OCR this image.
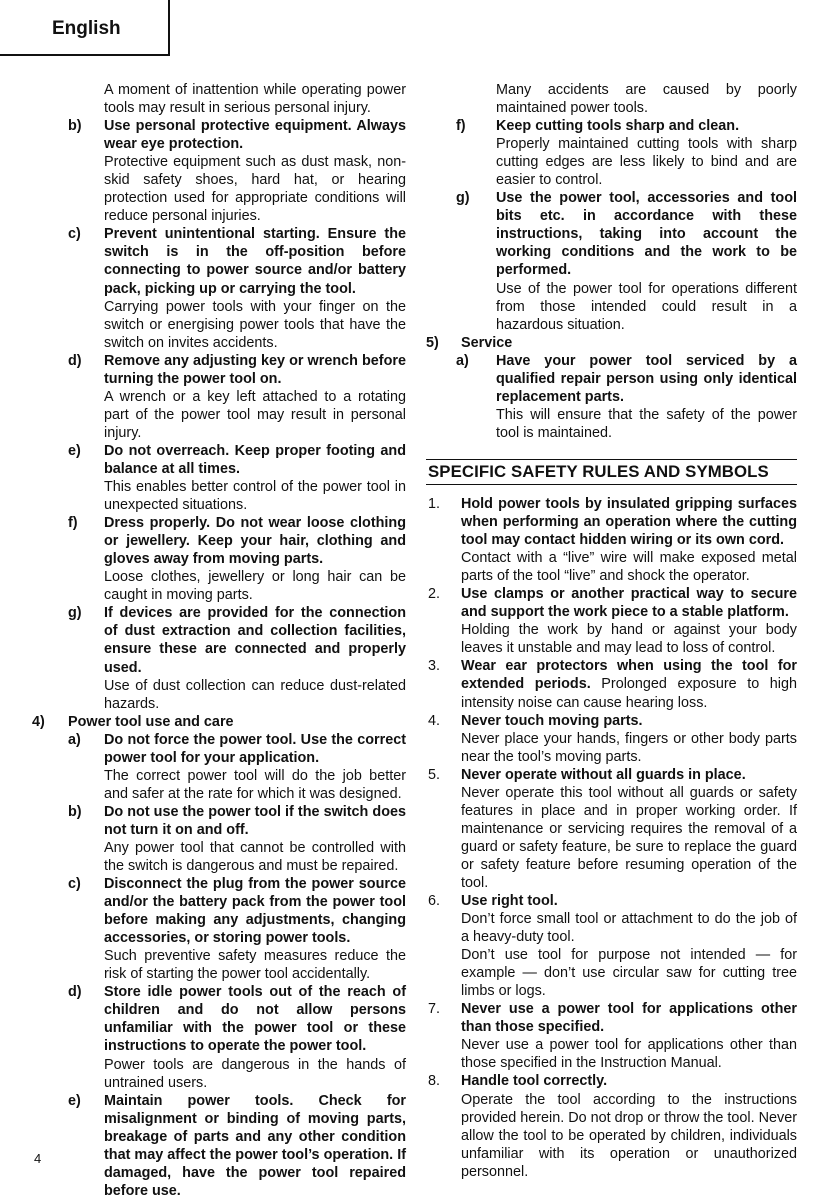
English
A moment of inattention while operating power tools may result in serious personal injury.
b) Use personal protective equipment. Always wear eye protection.
Protective equipment such as dust mask, non-skid safety shoes, hard hat, or hearing protection used for appropriate conditions will reduce personal injuries.
c) Prevent unintentional starting. Ensure the switch is in the off-position before connecting to power source and/or battery pack, picking up or carrying the tool.
Carrying power tools with your finger on the switch or energising power tools that have the switch on invites accidents.
d) Remove any adjusting key or wrench before turning the power tool on.
A wrench or a key left attached to a rotating part of the power tool may result in personal injury.
e) Do not overreach. Keep proper footing and balance at all times.
This enables better control of the power tool in unexpected situations.
f) Dress properly. Do not wear loose clothing or jewellery. Keep your hair, clothing and gloves away from moving parts.
Loose clothes, jewellery or long hair can be caught in moving parts.
g) If devices are provided for the connection of dust extraction and collection facilities, ensure these are connected and properly used.
Use of dust collection can reduce dust-related hazards.
4)	Power tool use and care
a) Do not force the power tool. Use the correct power tool for your application.
The correct power tool will do the job better and safer at the rate for which it was designed.
b) Do not use the power tool if the switch does not turn it on and off.
Any power tool that cannot be controlled with the switch is dangerous and must be repaired.
c) Disconnect the plug from the power source and/or the battery pack from the power tool before making any adjustments, changing accessories, or storing power tools.
Such preventive safety measures reduce the risk of starting the power tool accidentally.
d) Store idle power tools out of the reach of children and do not allow persons unfamiliar with the power tool or these instructions to operate the power tool.
Power tools are dangerous in the hands of untrained users.
e) Maintain power tools. Check for misalignment or binding of moving parts, breakage of parts and any other condition that may affect the power tool’s operation. If damaged, have the power tool repaired before use.
Many accidents are caused by poorly maintained power tools.
f) Keep cutting tools sharp and clean.
Properly maintained cutting tools with sharp cutting edges are less likely to bind and are easier to control.
g) Use the power tool, accessories and tool bits etc. in accordance with these instructions, taking into account the working conditions and the work to be performed.
Use of the power tool for operations different from those intended could result in a hazardous situation.
5)	Service
a) Have your power tool serviced by a qualified repair person using only identical replacement parts.
This will ensure that the safety of the power tool is maintained.
SPECIFIC SAFETY RULES AND SYMBOLS
1. Hold power tools by insulated gripping surfaces when performing an operation where the cutting tool may contact hidden wiring or its own cord.
Contact with a “live” wire will make exposed metal parts of the tool “live” and shock the operator.
2. Use clamps or another practical way to secure and support the work piece to a stable platform.
Holding the work by hand or against your body leaves it unstable and may lead to loss of control.
3.	Wear ear protectors when using the tool for extended periods. Prolonged exposure to high intensity noise can cause hearing loss.
4. Never touch moving parts.
Never place your hands, fingers or other body parts near the tool’s moving parts.
5. Never operate without all guards in place.
Never operate this tool without all guards or safety features in place and in proper working order. If maintenance or servicing requires the removal of a guard or safety feature, be sure to replace the guard or safety feature before resuming operation of the tool.
6. Use right tool.
Don’t force small tool or attachment to do the job of a heavy-duty tool.
Don’t use tool for purpose not intended — for example — don’t use circular saw for cutting tree limbs or logs.
7. Never use a power tool for applications other than those specified.
Never use a power tool for applications other than those specified in the Instruction Manual.
8. Handle tool correctly.
Operate the tool according to the instructions provided herein. Do not drop or throw the tool. Never allow the tool to be operated by children, individuals unfamiliar with its operation or unauthorized personnel.
4
